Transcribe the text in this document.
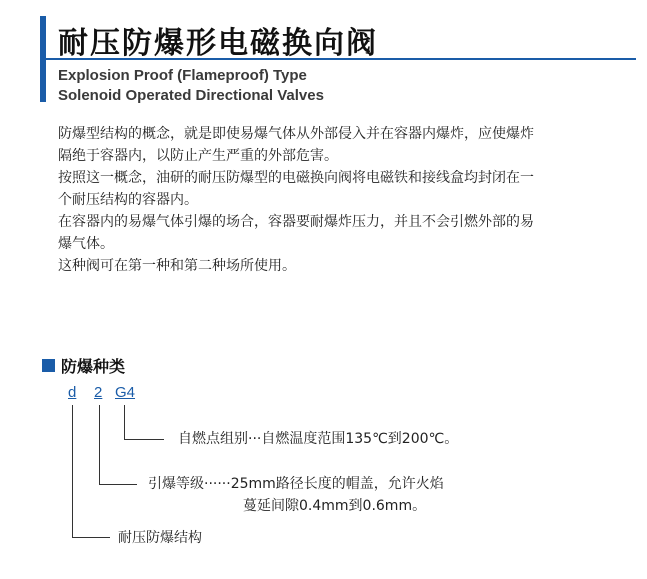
耐压防爆形电磁换向阀
Explosion Proof (Flameproof) Type
Solenoid Operated Directional Valves

防爆型结构的概念，就是即使易爆气体从外部侵入并在容器内爆炸，应使爆炸

隔绝于容器内，以防止产生严重的外部危害。

按照这一概念，油研的耐压防爆型的电磁换向阀将电磁铁和接线盒均封闭在一

个耐压结构的容器内。

在容器内的易爆气体引爆的场合，容器要耐爆炸压力，并且不会引燃外部的易

爆气体。

这种阀可在第一种和第二种场所使用。

防爆种类
d 2 G4
自燃点组别···自燃温度范围135℃到200℃。
引爆等级······25mm路径长度的帽盖，允许火焰
蔓延间隙0.4mm到0.6mm。
耐压防爆结构
